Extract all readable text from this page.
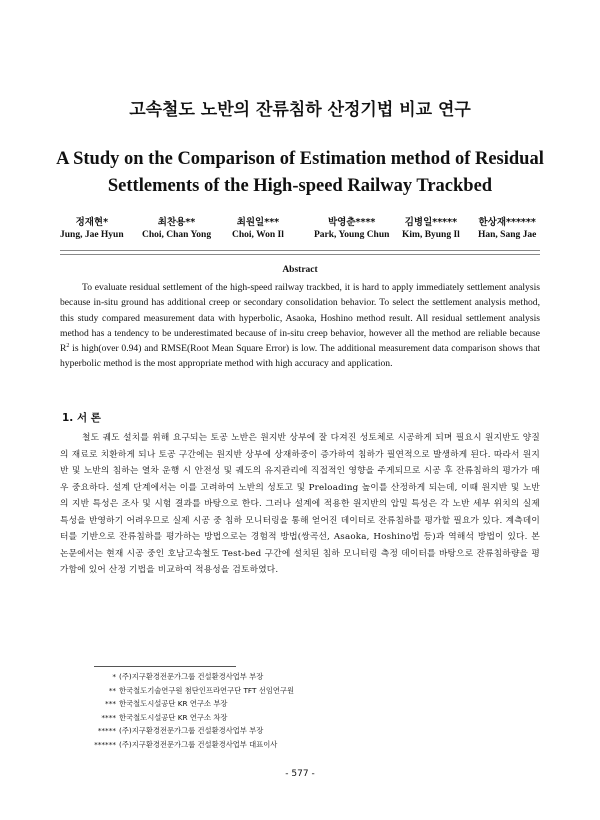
고속철도 노반의 잔류침하 산정기법 비교 연구
A Study on the Comparison of Estimation method of Residual Settlements of the High-speed Railway Trackbed
정재현*
Jung, Jae Hyun
최찬용**
Choi, Chan Yong
최원일***
Choi, Won Il
박영춘****
Park, Young Chun
김병일*****
Kim, Byung Il
한상재******
Han, Sang Jae
Abstract
To evaluate residual settlement of the high-speed railway trackbed, it is hard to apply immediately settlement analysis because in-situ ground has additional creep or secondary consolidation behavior. To select the settlement analysis method, this study compared measurement data with hyperbolic, Asaoka, Hoshino method result. All residual settlement analysis method has a tendency to be underestimated because of in-situ creep behavior, however all the method are reliable because $R^2$ is high(over 0.94) and RMSE(Root Mean Square Error) is low. The additional measurement data comparison shows that hyperbolic method is the most appropriate method with high accuracy and application.
1. 서 론
철도 궤도 설치를 위해 요구되는 토공 노반은 원지반 상부에 잘 다져진 성토체로 시공하게 되며 필요시 원지반도 양질의 재료로 치환하게 되나 토공 구간에는 원지반 상부에 상재하중이 증가하여 침하가 필연적으로 발생하게 된다. 따라서 원지반 및 노반의 침하는 열차 운행 시 안전성 및 궤도의 유지관리에 직접적인 영향을 주게되므로 시공 후 잔류침하의 평가가 매우 중요하다. 설계 단계에서는 이를 고려하여 노반의 성토고 및 Preloading 높이를 산정하게 되는데, 이때 원지반 및 노반의 지반 특성은 조사 및 시험 결과를 바탕으로 한다. 그러나 설계에 적용한 원지반의 압밀 특성은 각 노반 세부 위치의 실제 특성을 반영하기 어려우므로 실제 시공 중 침하 모니터링을 통해 얻어진 데이터로 잔류침하를 평가할 필요가 있다. 계측데이터를 기반으로 잔류침하를 평가하는 방법으로는 경험적 방법(쌍곡선, Asaoka, Hoshino법 등)과 역해석 방법이 있다. 본 논문에서는 현재 시공 중인 호남고속철도 Test-bed 구간에 설치된 침하 모니터링 측정 데이터를 바탕으로 잔류침하량을 평가함에 있어 산정 기법을 비교하여 적용성을 검토하였다.
* (주)지구환경전문가그룹 건설환경사업부 부장
** 한국철도기술연구원 첨단인프라연구단 TFT 선임연구원
*** 한국철도시설공단 KR 연구소 부장
**** 한국철도시설공단 KR 연구소 차장
***** (주)지구환경전문가그룹 건설환경사업부 부장
****** (주)지구환경전문가그룹 건설환경사업부 대표이사
- 577 -
